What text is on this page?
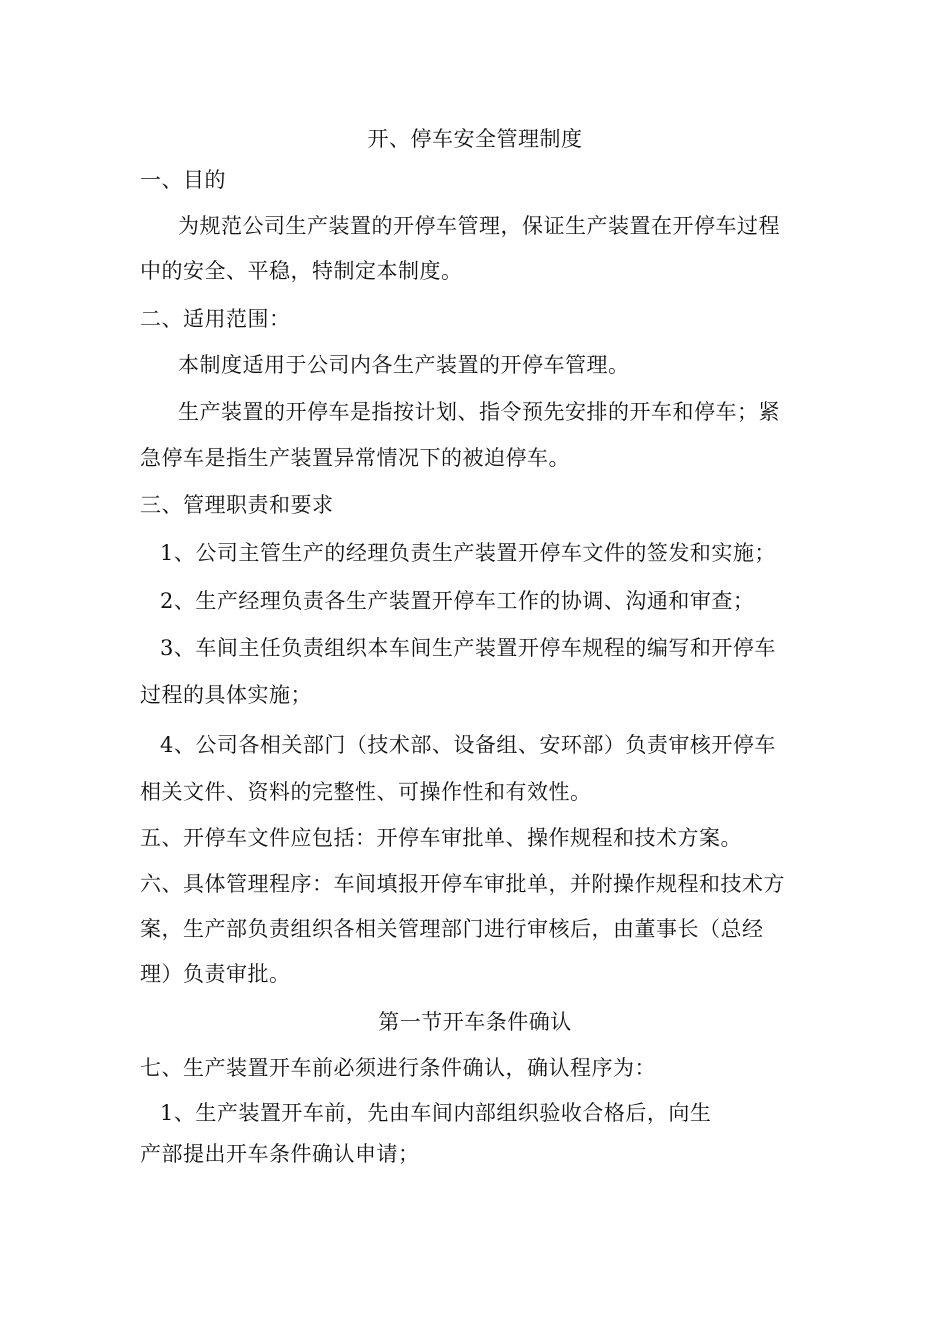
开、停车安全管理制度
一、目的
为规范公司生产装置的开停车管理，保证生产装置在开停车过程
中的安全、平稳，特制定本制度。
二、适用范围：
本制度适用于公司内各生产装置的开停车管理。
生产装置的开停车是指按计划、指令预先安排的开车和停车；紧
急停车是指生产装置异常情况下的被迫停车。
三、管理职责和要求
1、公司主管生产的经理负责生产装置开停车文件的签发和实施；
2、生产经理负责各生产装置开停车工作的协调、沟通和审查；
3、车间主任负责组织本车间生产装置开停车规程的编写和开停车
过程的具体实施；
4、公司各相关部门（技术部、设备组、安环部）负责审核开停车
相关文件、资料的完整性、可操作性和有效性。
五、开停车文件应包括：开停车审批单、操作规程和技术方案。
六、具体管理程序：车间填报开停车审批单，并附操作规程和技术方
案，生产部负责组织各相关管理部门进行审核后，由董事长（总经
理）负责审批。
第一节开车条件确认
七、生产装置开车前必须进行条件确认，确认程序为：
1、生产装置开车前，先由车间内部组织验收合格后，向生
产部提出开车条件确认申请；
